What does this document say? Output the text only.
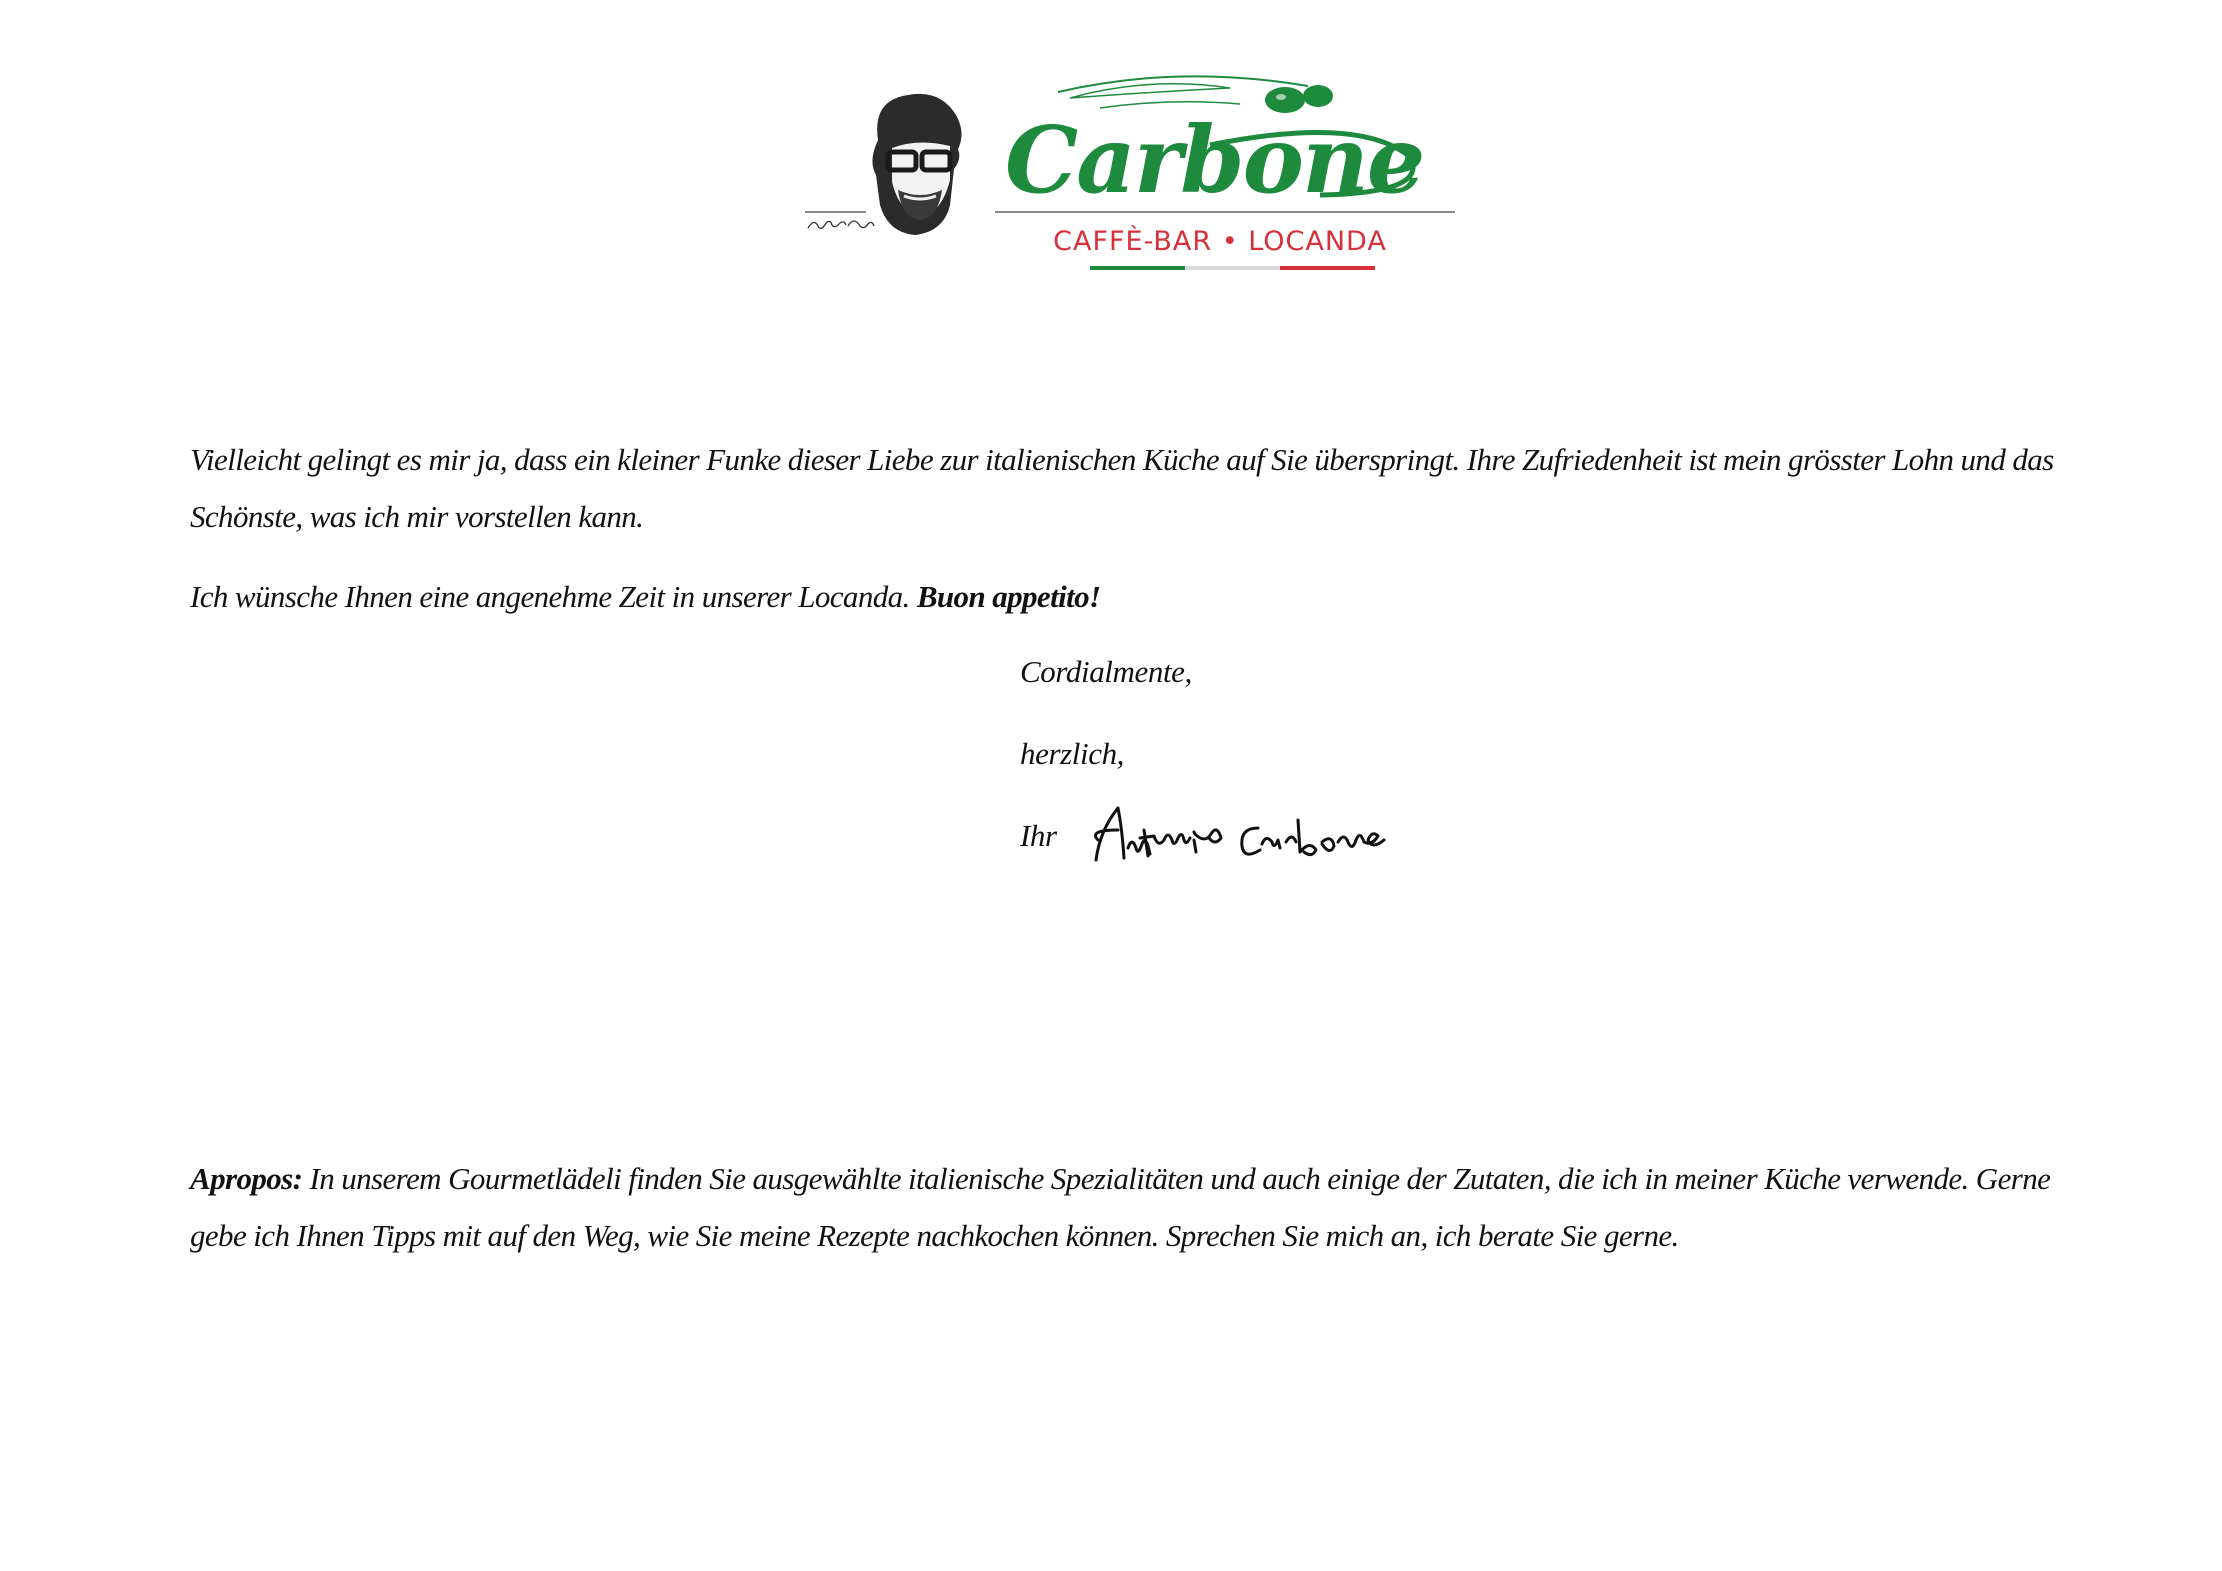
Carbone
CAFFÈ-BAR • LOCANDA

Vielleicht gelingt es mir ja, dass ein kleiner Funke dieser Liebe zur italienischen Küche auf Sie überspringt. Ihre Zufriedenheit ist mein grösster Lohn und das Schönste, was ich mir vorstellen kann.

Ich wünsche Ihnen eine angenehme Zeit in unserer Locanda. Buon appetito!

Cordialmente,

herzlich,

Ihr

Apropos: In unserem Gourmetlädeli finden Sie ausgewählte italienische Spezialitäten und auch einige der Zutaten, die ich in meiner Küche verwende. Gerne gebe ich Ihnen Tipps mit auf den Weg, wie Sie meine Rezepte nachkochen können. Sprechen Sie mich an, ich berate Sie gerne.
